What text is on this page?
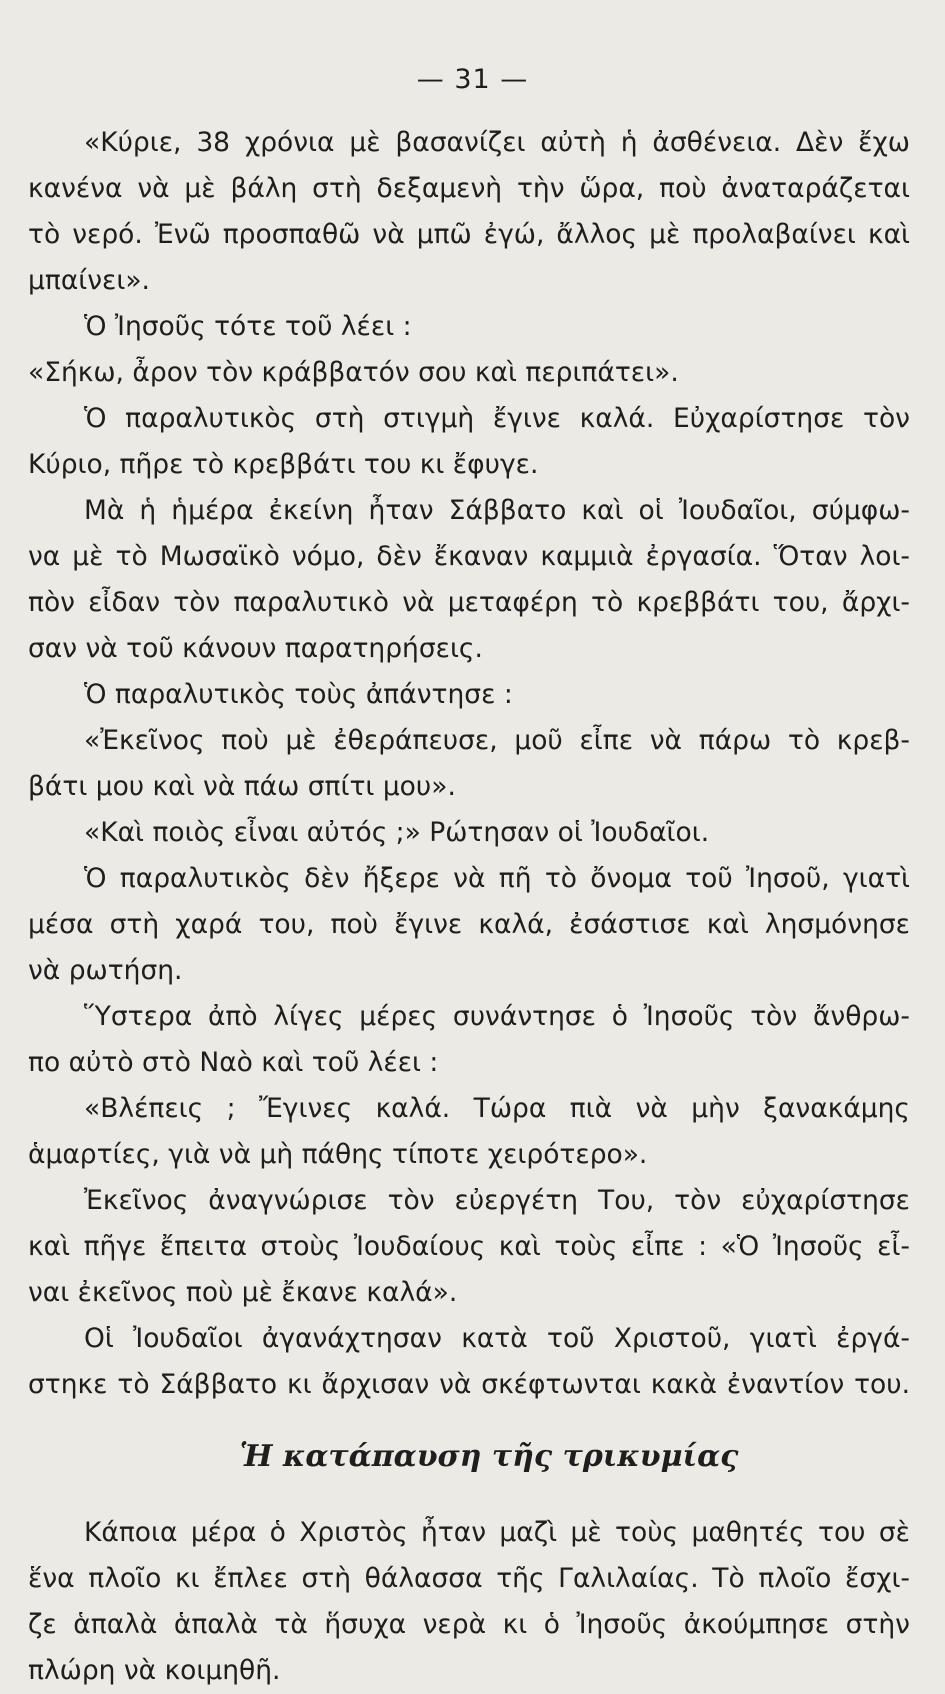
— 31 —
«Κύριε, 38 χρόνια μὲ βασανίζει αὐτὴ ἡ ἀσθένεια. Δὲν ἔχω
κανένα νὰ μὲ βάλη στὴ δεξαμενὴ τὴν ὥρα, ποὺ ἀναταράζεται
τὸ νερό. Ἐνῶ προσπαθῶ νὰ μπῶ ἐγώ, ἄλλος μὲ προλαβαίνει καὶ
μπαίνει».
Ὁ Ἰησοῦς τότε τοῦ λέει :
«Σήκω, ἆρον τὸν κράββατόν σου καὶ περιπάτει».
Ὁ παραλυτικὸς στὴ στιγμὴ ἔγινε καλά. Εὐχαρίστησε τὸν
Κύριο, πῆρε τὸ κρεββάτι του κι ἔφυγε.
Μὰ ἡ ἡμέρα ἐκείνη ἦταν Σάββατο καὶ οἱ Ἰουδαῖοι, σύμφω-
να μὲ τὸ Μωσαϊκὸ νόμο, δὲν ἔκαναν καμμιὰ ἐργασία. Ὅταν λοι-
πὸν εἶδαν τὸν παραλυτικὸ νὰ μεταφέρη τὸ κρεββάτι του, ἄρχι-
σαν νὰ τοῦ κάνουν παρατηρήσεις.
Ὁ παραλυτικὸς τοὺς ἀπάντησε :
«Ἐκεῖνος ποὺ μὲ ἐθεράπευσε, μοῦ εἶπε νὰ πάρω τὸ κρεβ-
βάτι μου καὶ νὰ πάω σπίτι μου».
«Καὶ ποιὸς εἶναι αὐτός ;» Ρώτησαν οἱ Ἰουδαῖοι.
Ὁ παραλυτικὸς δὲν ἤξερε νὰ πῆ τὸ ὄνομα τοῦ Ἰησοῦ, γιατὶ
μέσα στὴ χαρά του, ποὺ ἔγινε καλά, ἐσάστισε καὶ λησμόνησε
νὰ ρωτήση.
Ὕστερα ἀπὸ λίγες μέρες συνάντησε ὁ Ἰησοῦς τὸν ἄνθρω-
πο αὐτὸ στὸ Ναὸ καὶ τοῦ λέει :
«Βλέπεις ; Ἔγινες καλά. Τώρα πιὰ νὰ μὴν ξανακάμης
ἁμαρτίες, γιὰ νὰ μὴ πάθης τίποτε χειρότερο».
Ἐκεῖνος ἀναγνώρισε τὸν εὐεργέτη Του, τὸν εὐχαρίστησε
καὶ πῆγε ἔπειτα στοὺς Ἰουδαίους καὶ τοὺς εἶπε : «Ὁ Ἰησοῦς εἶ-
ναι ἐκεῖνος ποὺ μὲ ἔκανε καλά».
Οἱ Ἰουδαῖοι ἀγανάχτησαν κατὰ τοῦ Χριστοῦ, γιατὶ ἐργά-
στηκε τὸ Σάββατο κι ἄρχισαν νὰ σκέφτωνται κακὰ ἐναντίον του.
Ἡ κατάπαυση τῆς τρικυμίας
Κάποια μέρα ὁ Χριστὸς ἦταν μαζὶ μὲ τοὺς μαθητές του σὲ
ἕνα πλοῖο κι ἔπλεε στὴ θάλασσα τῆς Γαλιλαίας. Τὸ πλοῖο ἔσχι-
ζε ἁπαλὰ ἁπαλὰ τὰ ἥσυχα νερὰ κι ὁ Ἰησοῦς ἀκούμπησε στὴν
πλώρη νὰ κοιμηθῆ.
